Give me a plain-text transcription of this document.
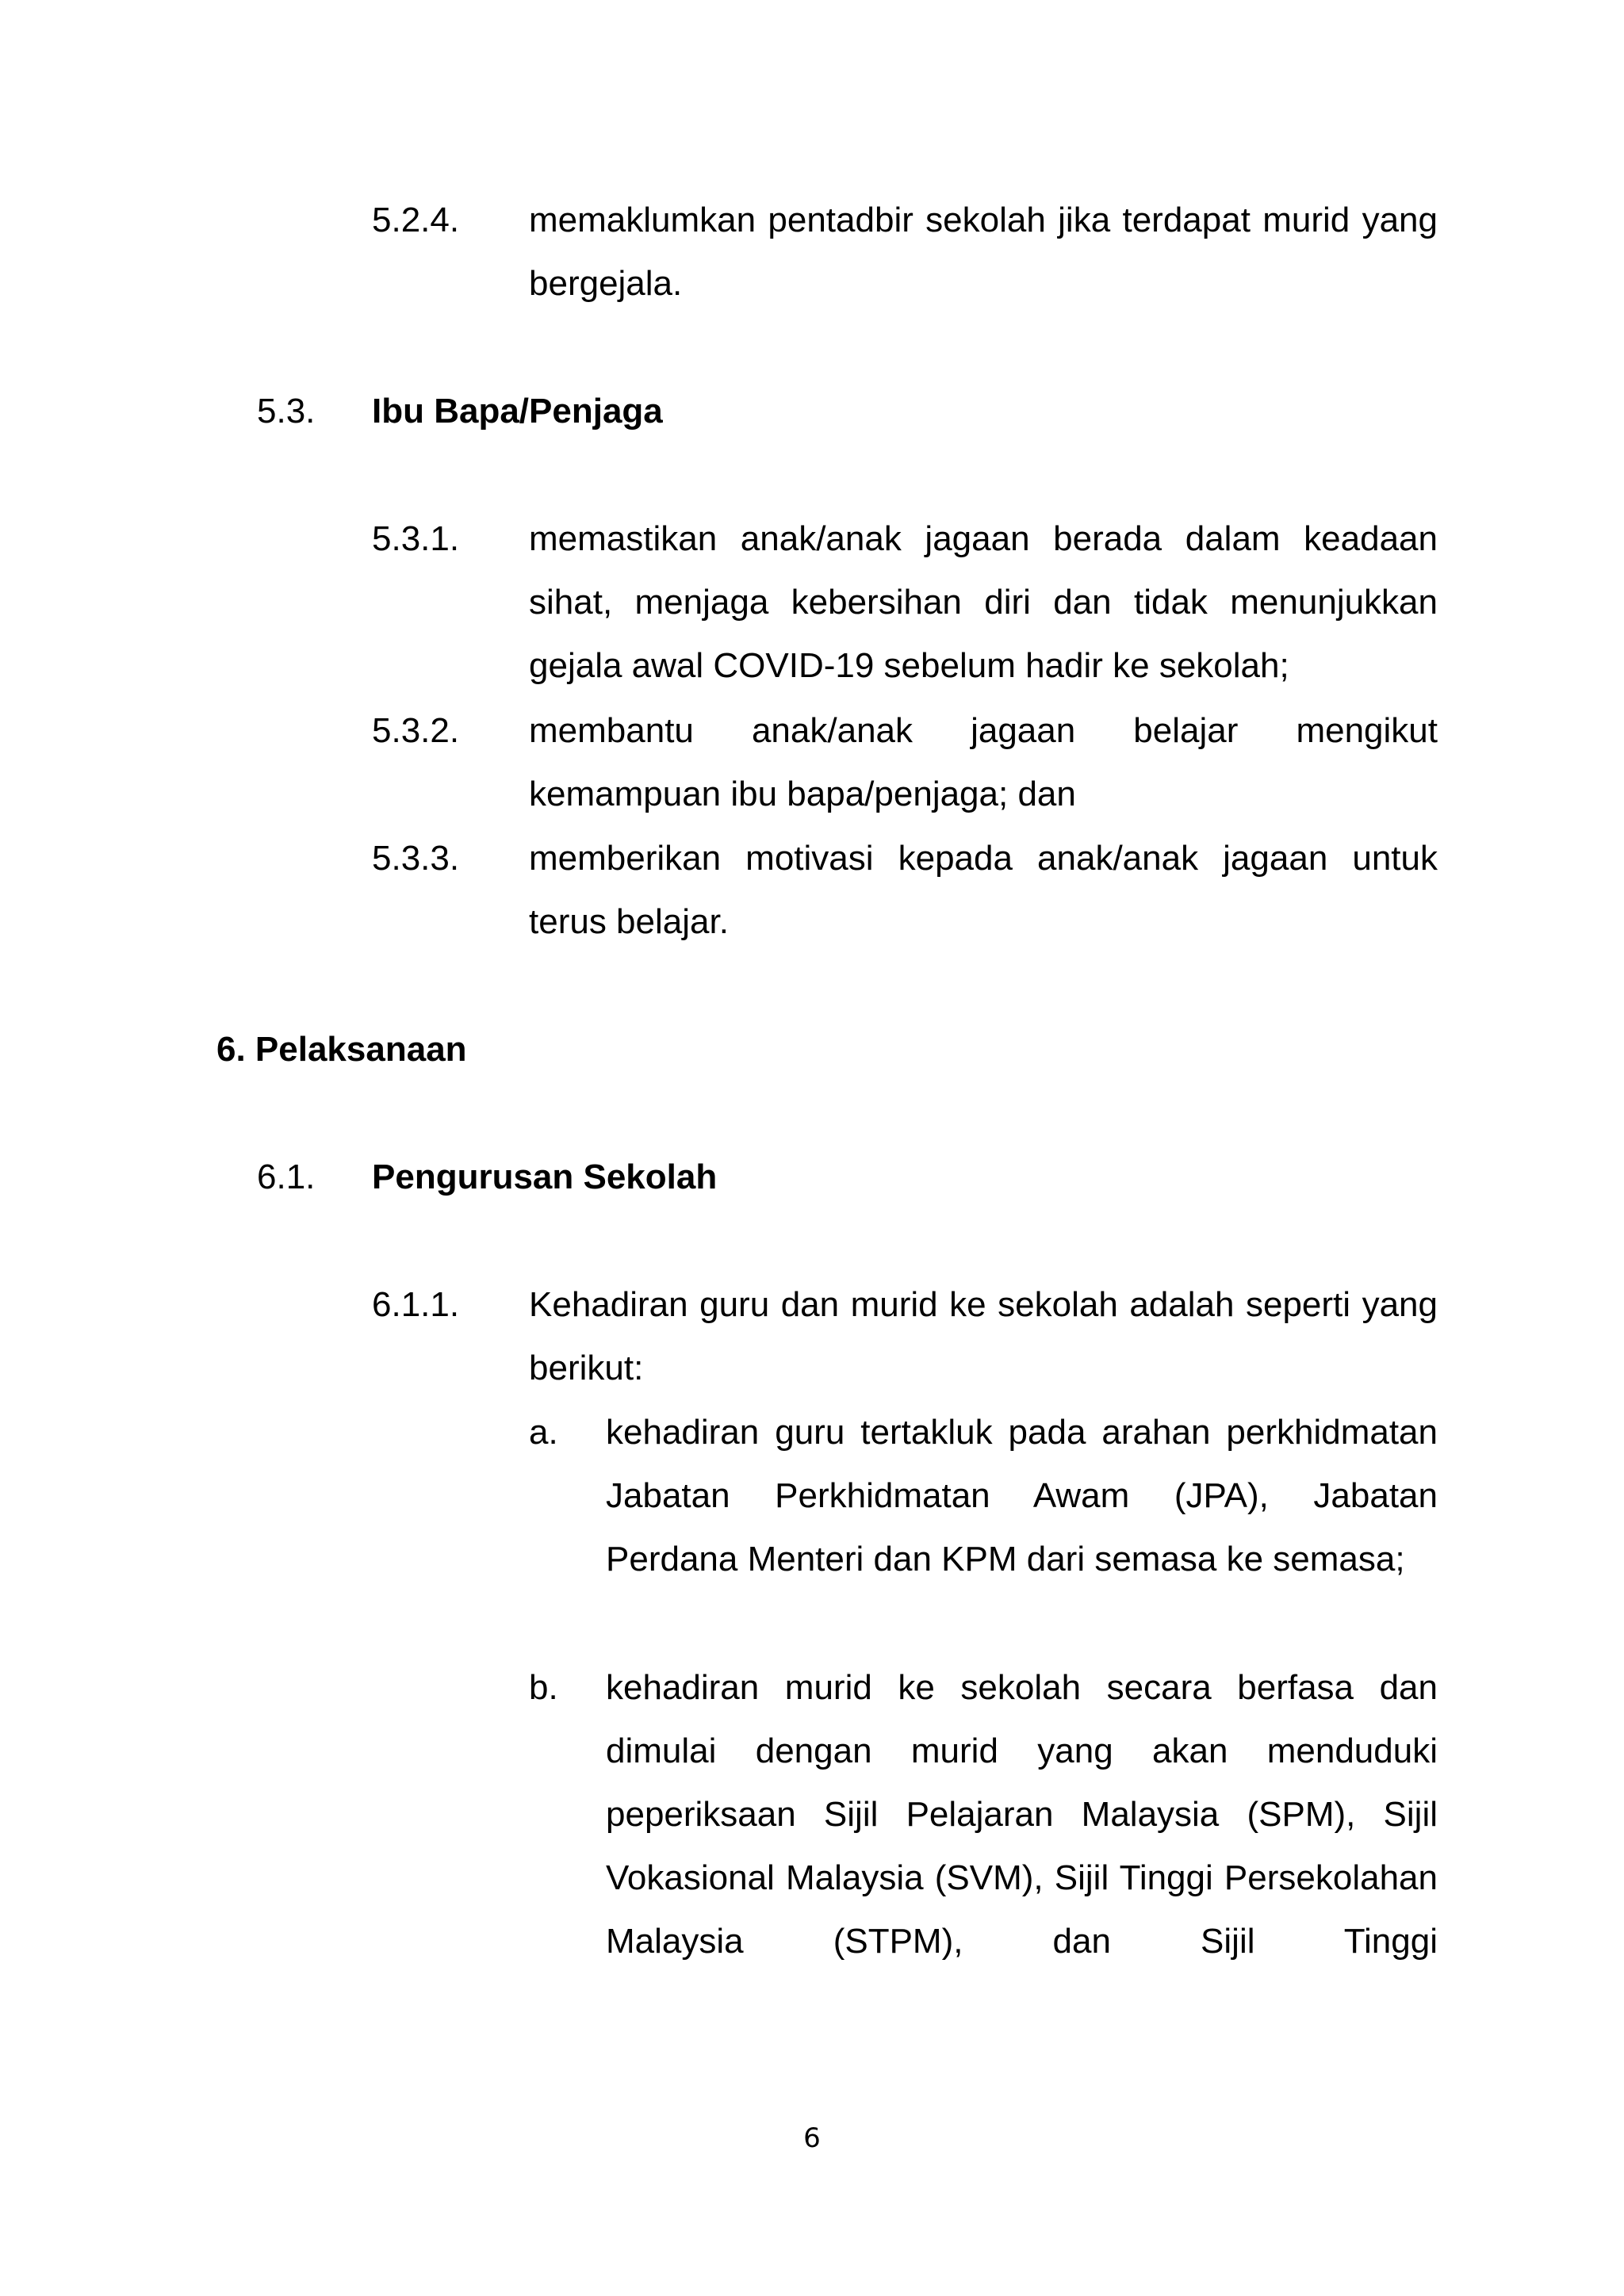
5.2.4. memaklumkan pentadbir sekolah jika terdapat murid yang bergejala.
5.3. Ibu Bapa/Penjaga
5.3.1. memastikan anak/anak jagaan berada dalam keadaan sihat, menjaga kebersihan diri dan tidak menunjukkan gejala awal COVID-19 sebelum hadir ke sekolah;
5.3.2. membantu anak/anak jagaan belajar mengikut kemampuan ibu bapa/penjaga; dan
5.3.3. memberikan motivasi kepada anak/anak jagaan untuk terus belajar.
6. Pelaksanaan
6.1. Pengurusan Sekolah
6.1.1. Kehadiran guru dan murid ke sekolah adalah seperti yang berikut:
a. kehadiran guru tertakluk pada arahan perkhidmatan Jabatan Perkhidmatan Awam (JPA), Jabatan Perdana Menteri dan KPM dari semasa ke semasa;
b. kehadiran murid ke sekolah secara berfasa dan dimulai dengan murid yang akan menduduki peperiksaan Sijil Pelajaran Malaysia (SPM), Sijil Vokasional Malaysia (SVM), Sijil Tinggi Persekolahan Malaysia (STPM), dan Sijil Tinggi
6
